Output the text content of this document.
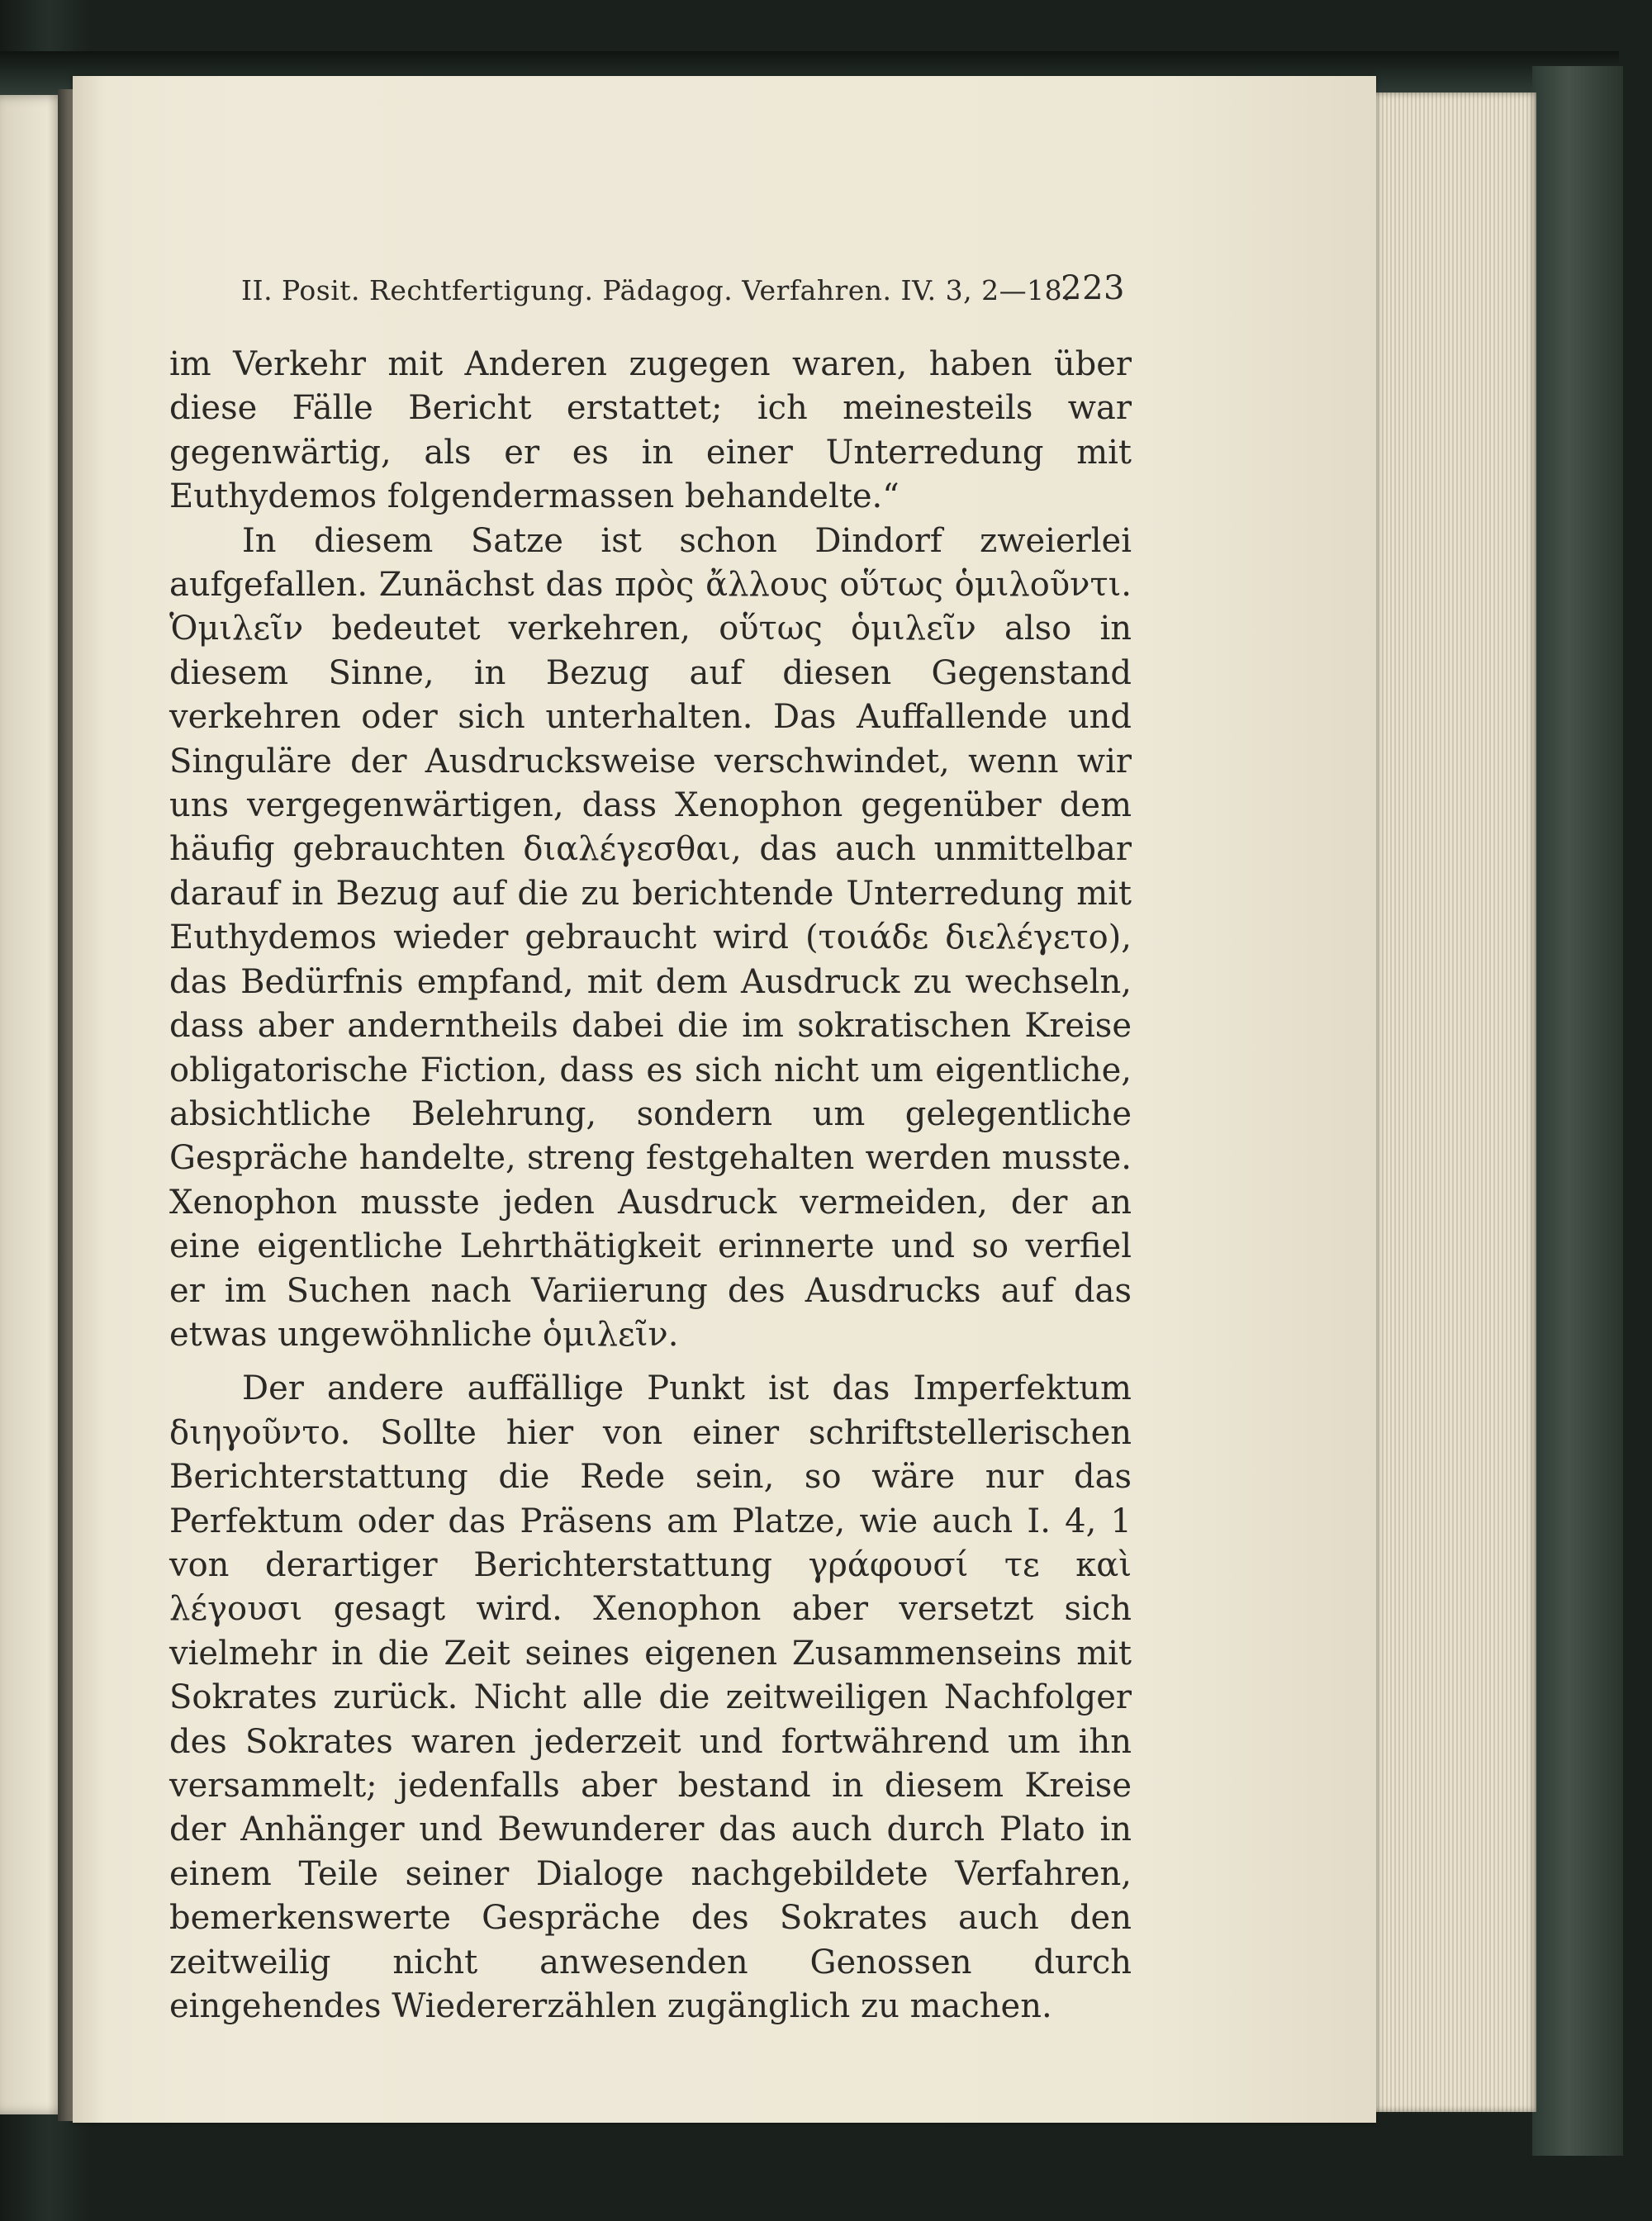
II. Posit. Rechtfertigung. Pädagog. Verfahren. IV. 3, 2—18.
223

im Verkehr mit Anderen zugegen waren, haben über diese Fälle Bericht erstattet; ich meinesteils war gegenwärtig, als er es in einer Unterredung mit Euthydemos folgendermassen behandelte.“

In diesem Satze ist schon Dindorf zweierlei aufgefallen. Zunächst das πρὸς ἄλλους οὕτως ὁμιλοῦντι. Ὁμιλεῖν bedeutet verkehren, οὕτως ὁμιλεῖν also in diesem Sinne, in Bezug auf diesen Gegenstand verkehren oder sich unterhalten. Das Auffallende und Singuläre der Ausdrucksweise verschwindet, wenn wir uns vergegenwärtigen, dass Xenophon gegenüber dem häufig gebrauchten διαλέγεσθαι, das auch unmittelbar darauf in Bezug auf die zu berichtende Unterredung mit Euthydemos wieder gebraucht wird (τοιάδε διελέγετο), das Bedürfnis empfand, mit dem Ausdruck zu wechseln, dass aber anderntheils dabei die im sokratischen Kreise obligatorische Fiction, dass es sich nicht um eigentliche, absichtliche Belehrung, sondern um gelegentliche Gespräche handelte, streng festgehalten werden musste. Xenophon musste jeden Ausdruck vermeiden, der an eine eigentliche Lehrthätigkeit erinnerte und so verfiel er im Suchen nach Variierung des Ausdrucks auf das etwas ungewöhnliche ὁμιλεῖν.

Der andere auffällige Punkt ist das Imperfektum διηγοῦντο. Sollte hier von einer schriftstellerischen Berichterstattung die Rede sein, so wäre nur das Perfektum oder das Präsens am Platze, wie auch I. 4, 1 von derartiger Berichterstattung γράφουσί τε καὶ λέγουσι gesagt wird. Xenophon aber versetzt sich vielmehr in die Zeit seines eigenen Zusammenseins mit Sokrates zurück. Nicht alle die zeitweiligen Nachfolger des Sokrates waren jederzeit und fortwährend um ihn versammelt; jedenfalls aber bestand in diesem Kreise der Anhänger und Bewunderer das auch durch Plato in einem Teile seiner Dialoge nachgebildete Verfahren, bemerkenswerte Gespräche des Sokrates auch den zeitweilig nicht anwesenden Genossen durch eingehendes Wiedererzählen zugänglich zu machen.
